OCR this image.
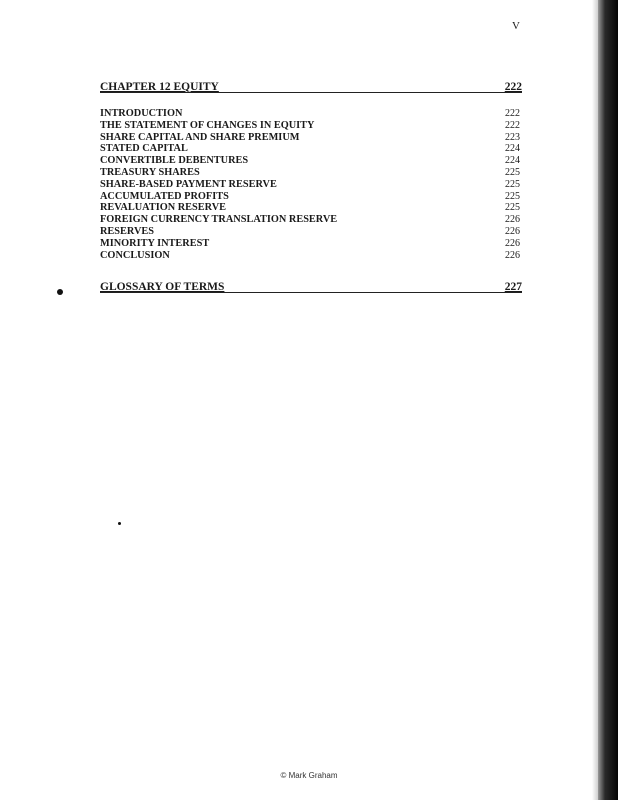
V
CHAPTER 12 EQUITY	222
INTRODUCTION	222
THE STATEMENT OF CHANGES IN EQUITY	222
SHARE CAPITAL AND SHARE PREMIUM	223
STATED CAPITAL	224
CONVERTIBLE DEBENTURES	224
TREASURY SHARES	225
SHARE-BASED PAYMENT RESERVE	225
ACCUMULATED PROFITS	225
REVALUATION RESERVE	225
FOREIGN CURRENCY TRANSLATION RESERVE	226
RESERVES	226
MINORITY INTEREST	226
CONCLUSION	226
GLOSSARY OF TERMS	227
© Mark Graham
